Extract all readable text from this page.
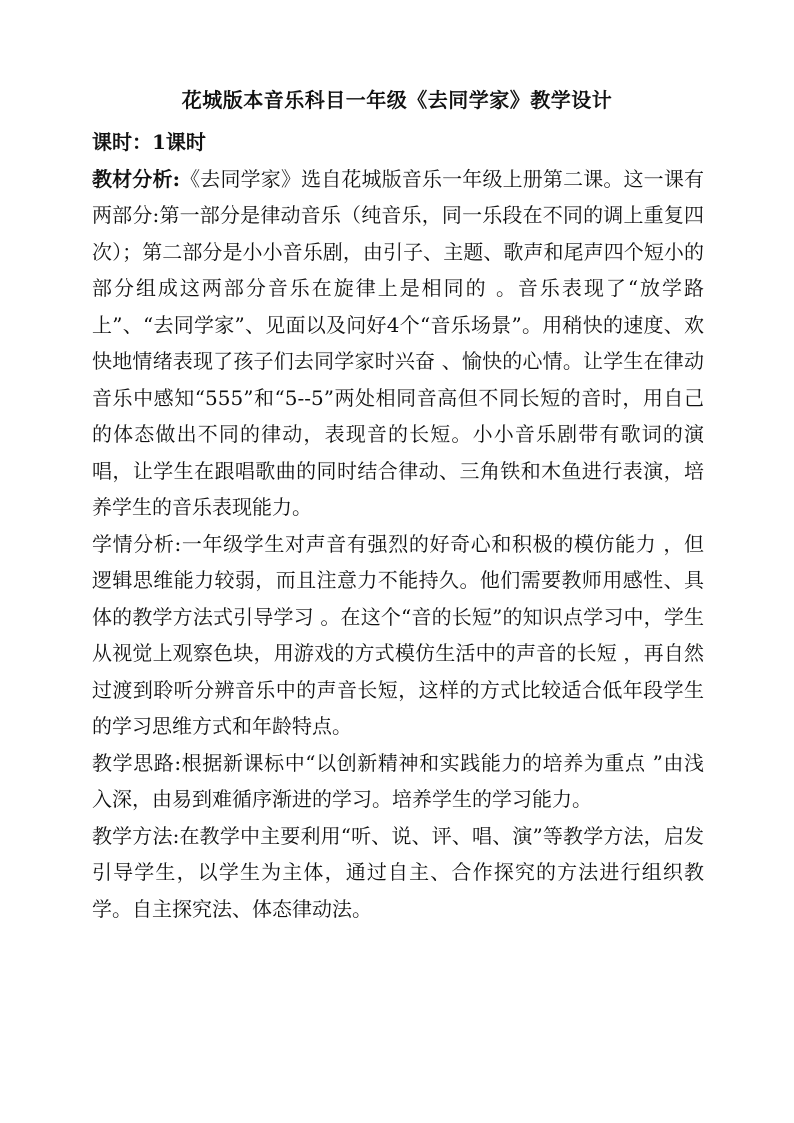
花城版本音乐科目一年级《去同学家》教学设计

课时：1课时

教材分析:《去同学家》选自花城版音乐一年级上册第二课。这一课有两部分:第一部分是律动音乐（纯音乐，同一乐段在不同的调上重复四次）；第二部分是小小音乐剧，由引子、主题、歌声和尾声四个短小的部分组成这两部分音乐在旋律上是相同的 。音乐表现了“放学路上”、“去同学家”、见面以及问好4个“音乐场景”。用稍快的速度、欢快地情绪表现了孩子们去同学家时兴奋 、愉快的心情。让学生在律动音乐中感知“555”和“5--5”两处相同音高但不同长短的音时，用自己的体态做出不同的律动，表现音的长短。小小音乐剧带有歌词的演唱，让学生在跟唱歌曲的同时结合律动、三角铁和木鱼进行表演，培养学生的音乐表现能力。

学情分析:一年级学生对声音有强烈的好奇心和积极的模仿能力 ，但逻辑思维能力较弱，而且注意力不能持久。他们需要教师用感性、具体的教学方法式引导学习 。在这个“音的长短”的知识点学习中，学生从视觉上观察色块，用游戏的方式模仿生活中的声音的长短 ，再自然过渡到聆听分辨音乐中的声音长短，这样的方式比较适合低年段学生的学习思维方式和年龄特点。

教学思路:根据新课标中“以创新精神和实践能力的培养为重点 ”由浅入深，由易到难循序渐进的学习。培养学生的学习能力。

教学方法:在教学中主要利用“听、说、评、唱、演”等教学方法，启发引导学生，以学生为主体，通过自主、合作探究的方法进行组织教学。自主探究法、体态律动法。
